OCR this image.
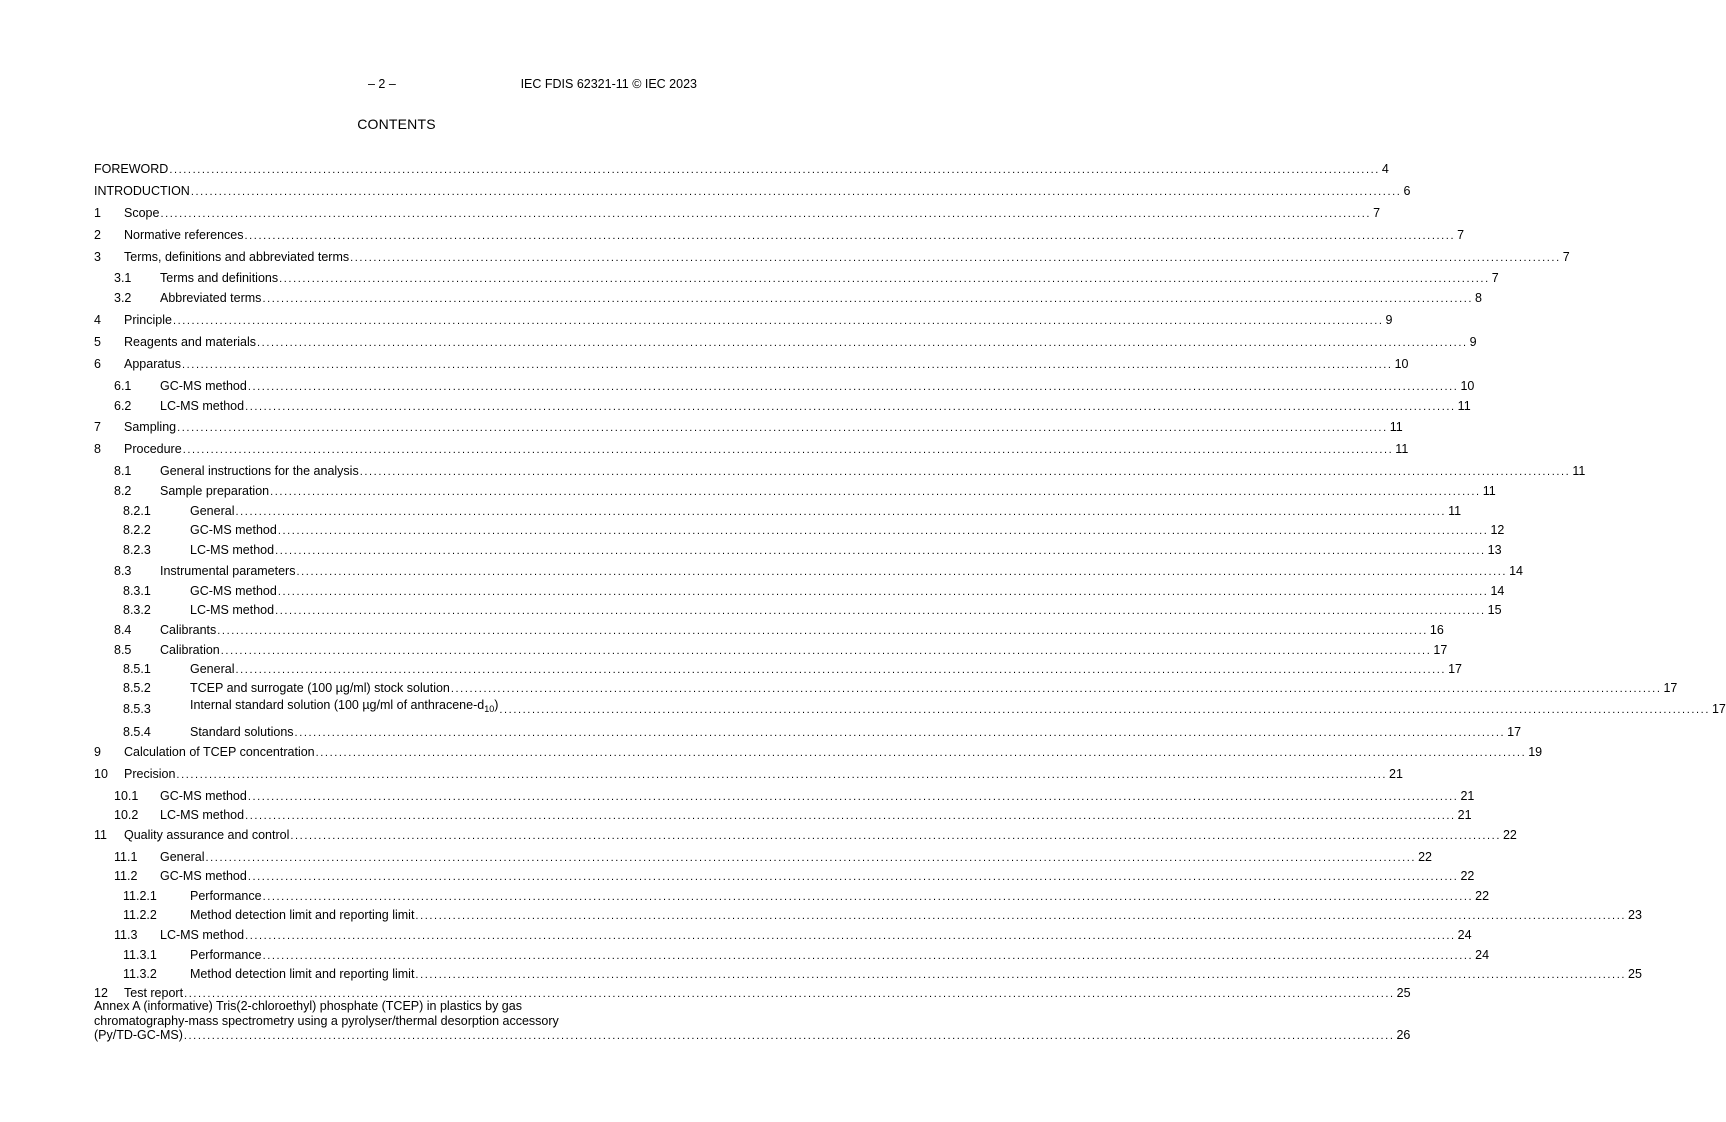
– 2 –	IEC FDIS 62321-11 © IEC 2023
CONTENTS
FOREWORD .................................................................................................................................................................................................................................................................... 4
INTRODUCTION .................................................................................................................................................................................................................................................................... 6
1	Scope .................................................................................................................................................................................................................................................................... 7
2	Normative references .................................................................................................................................................................................................................................................................... 7
3	Terms, definitions and abbreviated terms .................................................................................................................................................................................................................................................................... 7
3.1	Terms and definitions .................................................................................................................................................................................................................................................................... 7
3.2	Abbreviated terms .................................................................................................................................................................................................................................................................... 8
4	Principle .................................................................................................................................................................................................................................................................... 9
5	Reagents and materials .................................................................................................................................................................................................................................................................... 9
6	Apparatus .................................................................................................................................................................................................................................................................... 10
6.1	GC-MS method .................................................................................................................................................................................................................................................................... 10
6.2	LC-MS method .................................................................................................................................................................................................................................................................... 11
7	Sampling .................................................................................................................................................................................................................................................................... 11
8	Procedure .................................................................................................................................................................................................................................................................... 11
8.1	General instructions for the analysis .................................................................................................................................................................................................................................................................... 11
8.2	Sample preparation .................................................................................................................................................................................................................................................................... 11
8.2.1	General .................................................................................................................................................................................................................................................................... 11
8.2.2	GC-MS method .................................................................................................................................................................................................................................................................... 12
8.2.3	LC-MS method .................................................................................................................................................................................................................................................................... 13
8.3	Instrumental parameters .................................................................................................................................................................................................................................................................... 14
8.3.1	GC-MS method .................................................................................................................................................................................................................................................................... 14
8.3.2	LC-MS method .................................................................................................................................................................................................................................................................... 15
8.4	Calibrants .................................................................................................................................................................................................................................................................... 16
8.5	Calibration .................................................................................................................................................................................................................................................................... 17
8.5.1	General .................................................................................................................................................................................................................................................................... 17
8.5.2	TCEP and surrogate (100 µg/ml) stock solution .................................................................................................................................................................................................................................................................... 17
8.5.3	Internal standard solution (100 µg/ml of anthracene-$d_{10}$) .................................................................................................................................................................................................................................................................... 17
8.5.4	Standard solutions .................................................................................................................................................................................................................................................................... 17
9	Calculation of TCEP concentration .................................................................................................................................................................................................................................................................... 19
10	Precision .................................................................................................................................................................................................................................................................... 21
10.1	GC-MS method .................................................................................................................................................................................................................................................................... 21
10.2	LC-MS method .................................................................................................................................................................................................................................................................... 21
11	Quality assurance and control .................................................................................................................................................................................................................................................................... 22
11.1	General .................................................................................................................................................................................................................................................................... 22
11.2	GC-MS method .................................................................................................................................................................................................................................................................... 22
11.2.1	Performance .................................................................................................................................................................................................................................................................... 22
11.2.2	Method detection limit and reporting limit .................................................................................................................................................................................................................................................................... 23
11.3	LC-MS method .................................................................................................................................................................................................................................................................... 24
11.3.1	Performance .................................................................................................................................................................................................................................................................... 24
11.3.2	Method detection limit and reporting limit .................................................................................................................................................................................................................................................................... 25
12	Test report .................................................................................................................................................................................................................................................................... 25
Annex A (informative) Tris(2-chloroethyl) phosphate (TCEP) in plastics by gas
chromatography-mass spectrometry using a pyrolyser/thermal desorption accessory
(Py/TD-GC-MS) .................................................................................................................................................................................................................................................................... 26
